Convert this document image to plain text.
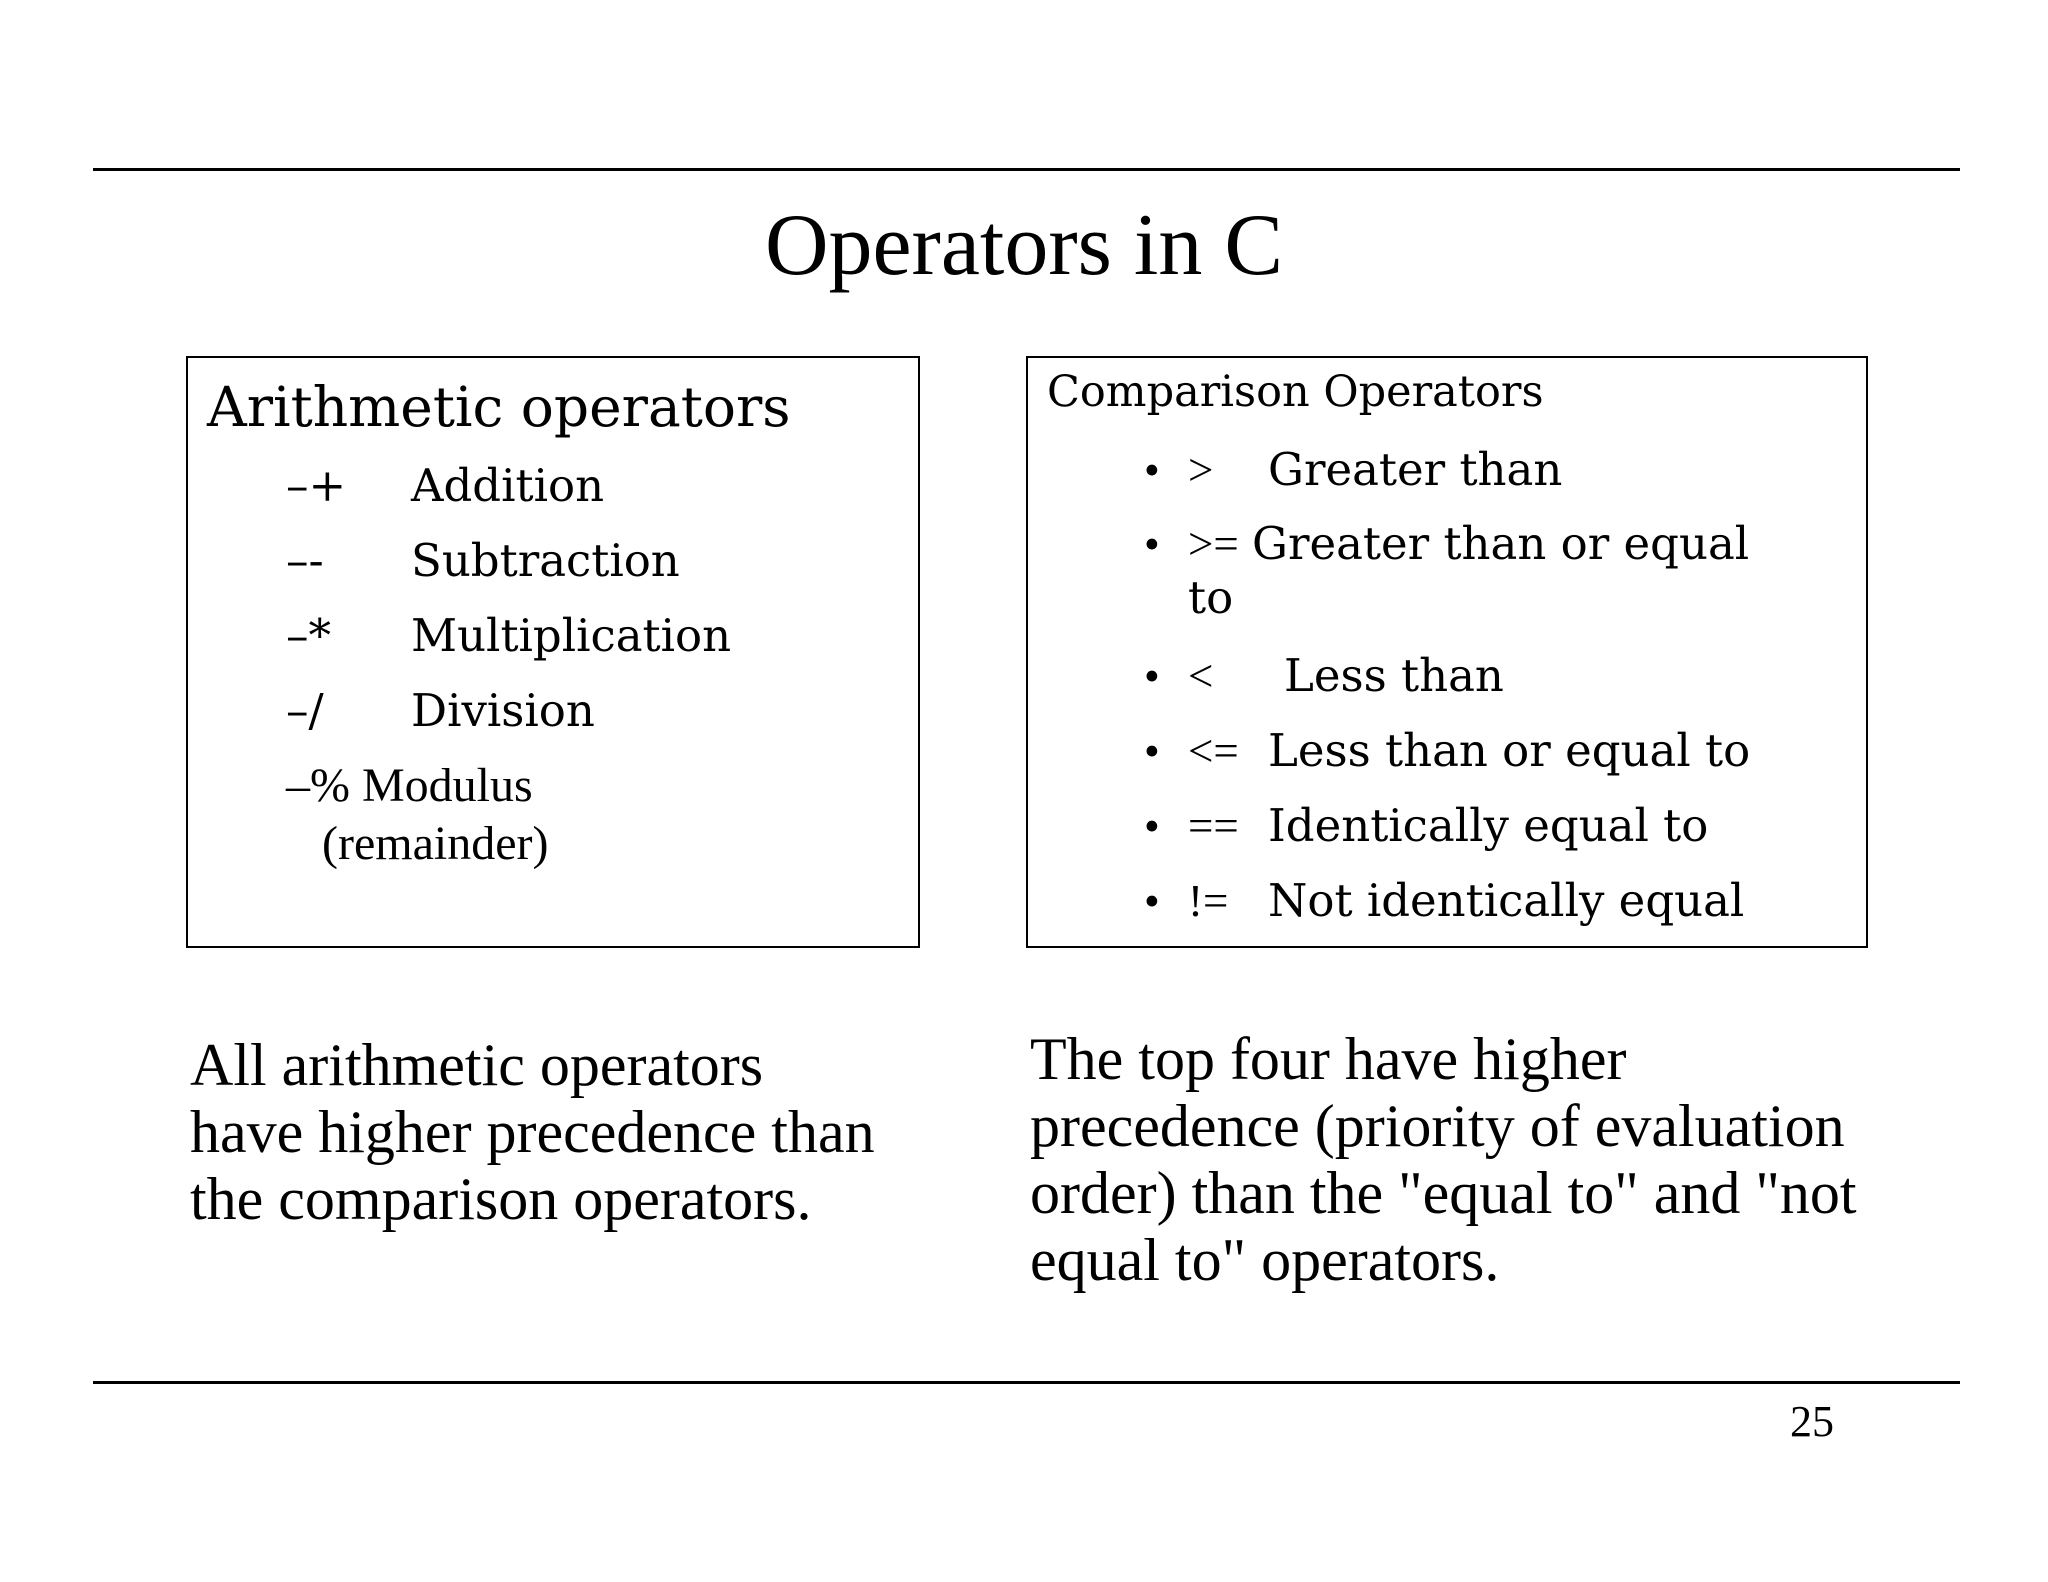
Operators in C
Arithmetic operators
–+ Addition
–- Subtraction
–* Multiplication
–/ Division
–% Modulus
(remainder)
Comparison Operators
• > Greater than
• >= Greater than or equal
to
• < Less than
• <= Less than or equal to
• == Identically equal to
• != Not identically equal
All arithmetic operators
have higher precedence than
the comparison operators.
The top four have higher
precedence (priority of evaluation
order) than the "equal to" and "not
equal to" operators.
25
